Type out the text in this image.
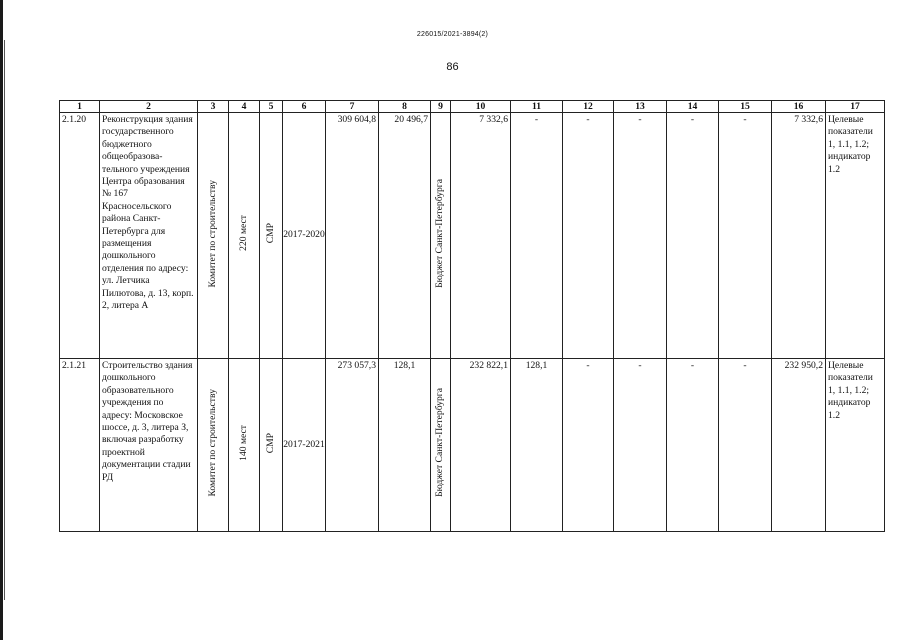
226015/2021-3894(2)
86
1	2	3	4	5	6	7	8	9	10	11	12	13	14	15	16	17
2.1.20	Реконструкция здания государственного бюджетного общеобразова-тельного учреждения Центра образования № 167 Красносельского района Санкт-Петербурга для размещения дошкольного отделения по адресу: ул. Летчика Пилютова, д. 13, корп. 2, литера А	Комитет по строительству	220 мест	СМР	2017-2020	309 604,8	20 496,7	Бюджет Санкт-Петербурга	7 332,6	-	-	-	-	-	7 332,6	Целевые показатели 1, 1.1, 1.2; индикатор 1.2
2.1.21	Строительство здания дошкольного образовательного учреждения по адресу: Московское шоссе, д. 3, литера З, включая разработку проектной документации стадии РД	Комитет по строительству	140 мест	СМР	2017-2021	273 057,3	128,1	Бюджет Санкт-Петербурга	232 822,1	128,1	-	-	-	-	232 950,2	Целевые показатели 1, 1.1, 1.2; индикатор 1.2
